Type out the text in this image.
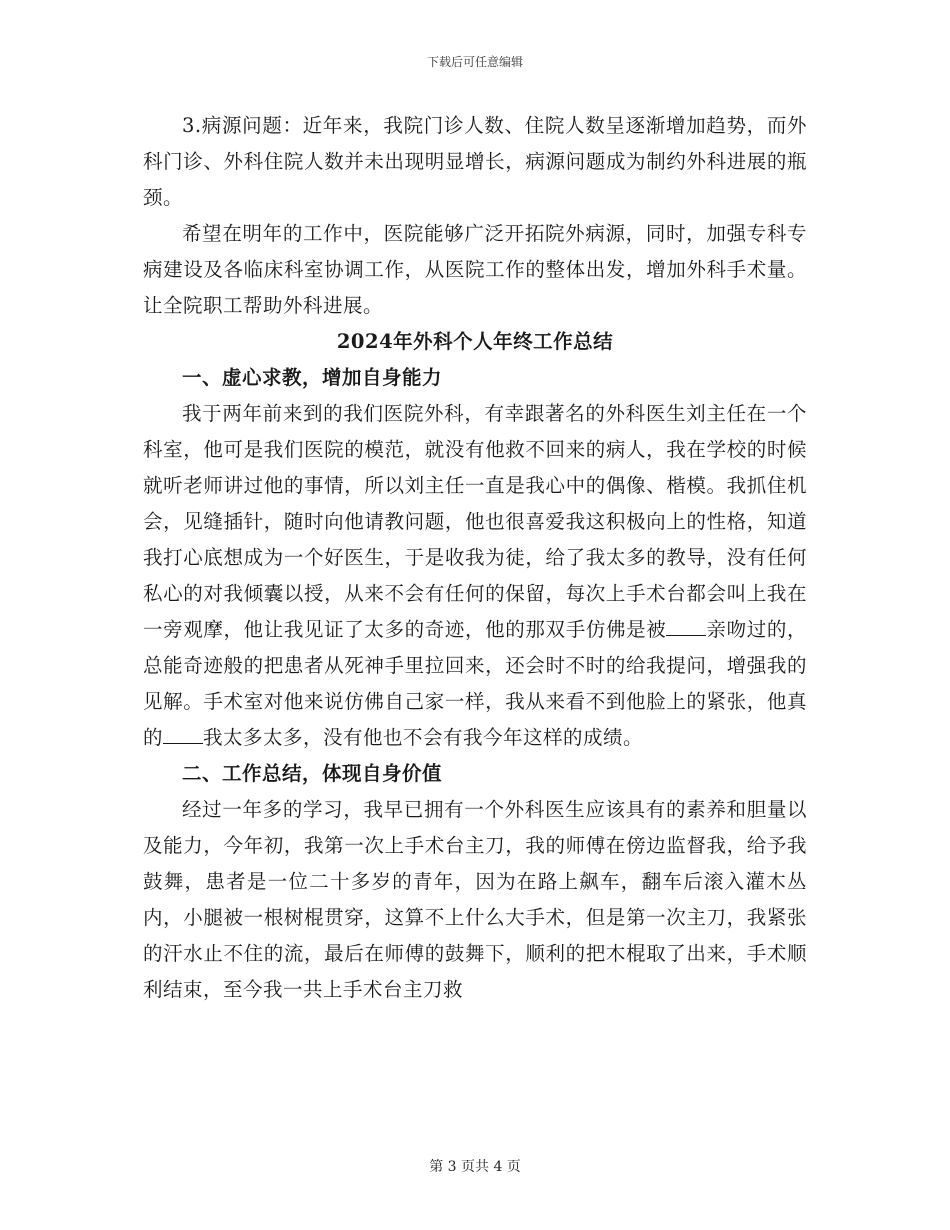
下载后可任意编辑

3.病源问题：近年来，我院门诊人数、住院人数呈逐渐增加趋势，而外科门诊、外科住院人数并未出现明显增长，病源问题成为制约外科进展的瓶颈。

希望在明年的工作中，医院能够广泛开拓院外病源，同时，加强专科专病建设及各临床科室协调工作，从医院工作的整体出发，增加外科手术量。让全院职工帮助外科进展。

2024年外科个人年终工作总结

一、虚心求教，增加自身能力

我于两年前来到的我们医院外科，有幸跟著名的外科医生刘主任在一个科室，他可是我们医院的模范，就没有他救不回来的病人，我在学校的时候就听老师讲过他的事情，所以刘主任一直是我心中的偶像、楷模。我抓住机会，见缝插针，随时向他请教问题，他也很喜爱我这积极向上的性格，知道我打心底想成为一个好医生，于是收我为徒，给了我太多的教导，没有任何私心的对我倾囊以授，从来不会有任何的保留，每次上手术台都会叫上我在一旁观摩，他让我见证了太多的奇迹，他的那双手仿佛是被 亲吻过的，总能奇迹般的把患者从死神手里拉回来，还会时不时的给我提问，增强我的见解。手术室对他来说仿佛自己家一样，我从来看不到他脸上的紧张，他真的 我太多太多，没有他也不会有我今年这样的成绩。

二、工作总结，体现自身价值

经过一年多的学习，我早已拥有一个外科医生应该具有的素养和胆量以及能力，今年初，我第一次上手术台主刀，我的师傅在傍边监督我，给予我鼓舞，患者是一位二十多岁的青年，因为在路上飙车，翻车后滚入灌木丛内，小腿被一根树棍贯穿，这算不上什么大手术，但是第一次主刀，我紧张的汗水止不住的流，最后在师傅的鼓舞下，顺利的把木棍取了出来，手术顺利结束，至今我一共上手术台主刀救

第 3 页共 4 页
